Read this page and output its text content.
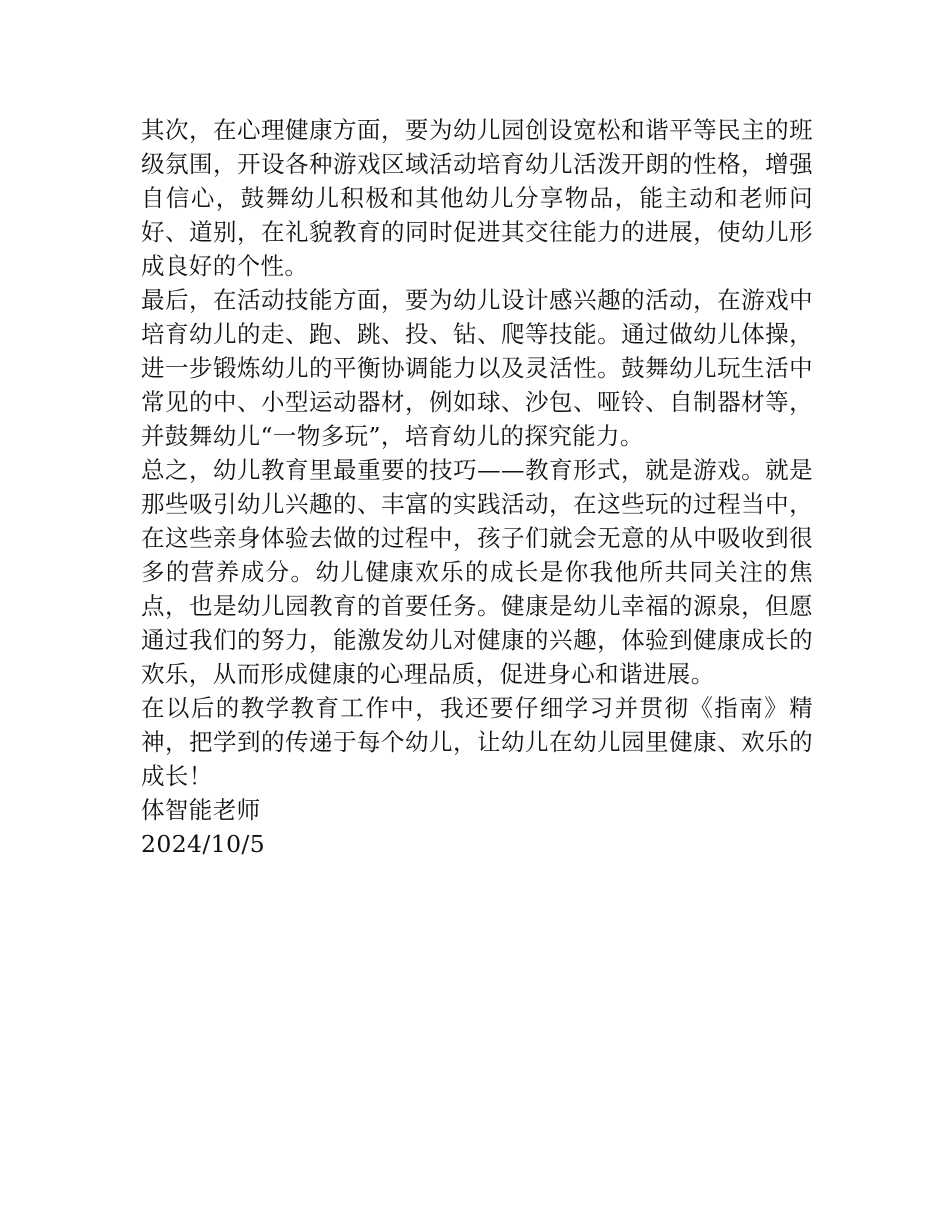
其次，在心理健康方面，要为幼儿园创设宽松和谐平等民主的班级氛围，开设各种游戏区域活动培育幼儿活泼开朗的性格，增强自信心，鼓舞幼儿积极和其他幼儿分享物品，能主动和老师问好、道别，在礼貌教育的同时促进其交往能力的进展，使幼儿形成良好的个性。

最后，在活动技能方面，要为幼儿设计感兴趣的活动，在游戏中培育幼儿的走、跑、跳、投、钻、爬等技能。通过做幼儿体操，进一步锻炼幼儿的平衡协调能力以及灵活性。鼓舞幼儿玩生活中常见的中、小型运动器材，例如球、沙包、哑铃、自制器材等，并鼓舞幼儿“一物多玩”，培育幼儿的探究能力。

总之，幼儿教育里最重要的技巧——教育形式，就是游戏。就是那些吸引幼儿兴趣的、丰富的实践活动，在这些玩的过程当中，在这些亲身体验去做的过程中，孩子们就会无意的从中吸收到很多的营养成分。幼儿健康欢乐的成长是你我他所共同关注的焦点，也是幼儿园教育的首要任务。健康是幼儿幸福的源泉，但愿通过我们的努力，能激发幼儿对健康的兴趣，体验到健康成长的欢乐，从而形成健康的心理品质，促进身心和谐进展。

在以后的教学教育工作中，我还要仔细学习并贯彻《指南》精神，把学到的传递于每个幼儿，让幼儿在幼儿园里健康、欢乐的成长！

体智能老师
2024/10/5
